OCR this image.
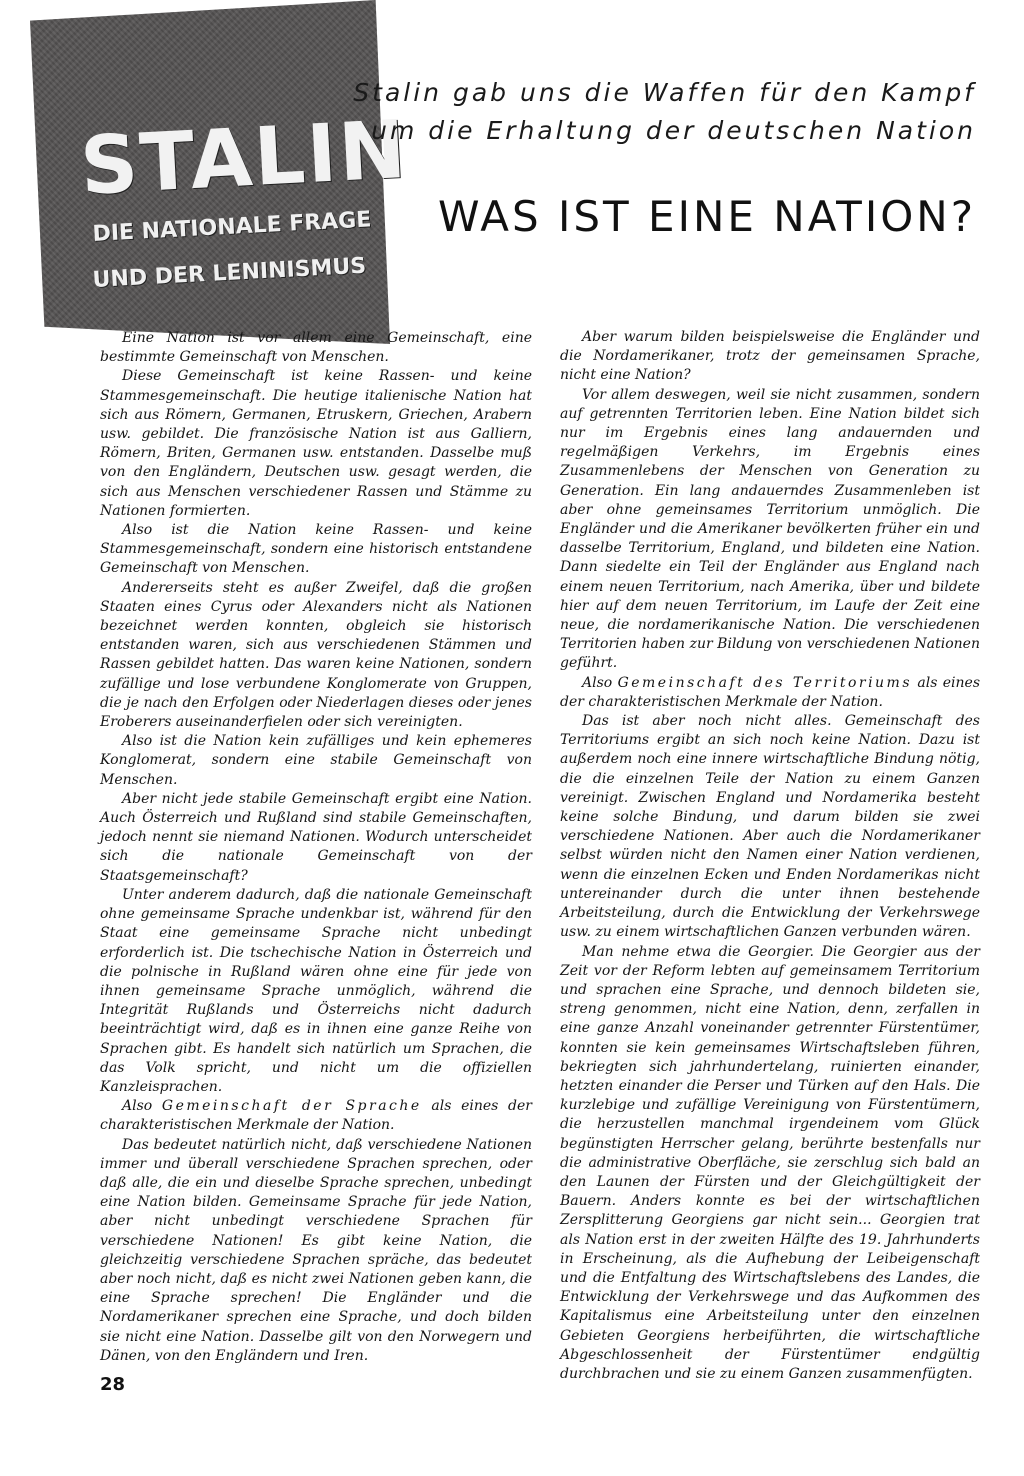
STALIN
DIE NATIONALE FRAGE
UND DER LENINISMUS
Stalin gab uns die Waffen für den Kampf
um die Erhaltung der deutschen Nation
WAS IST EINE NATION?

Eine Nation ist vor allem eine Gemeinschaft, eine bestimmte Gemeinschaft von Menschen.

Diese Gemeinschaft ist keine Rassen- und keine Stammesgemeinschaft. Die heutige italienische Nation hat sich aus Römern, Germanen, Etruskern, Griechen, Arabern usw. gebildet. Die französische Nation ist aus Galliern, Römern, Briten, Germanen usw. entstanden. Dasselbe muß von den Engländern, Deutschen usw. gesagt werden, die sich aus Menschen verschiedener Rassen und Stämme zu Nationen formierten.

Also ist die Nation keine Rassen- und keine Stammesgemeinschaft, sondern eine historisch entstandene Gemeinschaft von Menschen.

Andererseits steht es außer Zweifel, daß die großen Staaten eines Cyrus oder Alexanders nicht als Nationen bezeichnet werden konnten, obgleich sie historisch entstanden waren, sich aus verschiedenen Stämmen und Rassen gebildet hatten. Das waren keine Nationen, sondern zufällige und lose verbundene Konglomerate von Gruppen, die je nach den Erfolgen oder Niederlagen dieses oder jenes Eroberers auseinanderfielen oder sich vereinigten.

Also ist die Nation kein zufälliges und kein ephemeres Konglomerat, sondern eine stabile Gemeinschaft von Menschen.

Aber nicht jede stabile Gemeinschaft ergibt eine Nation. Auch Österreich und Rußland sind stabile Gemeinschaften, jedoch nennt sie niemand Nationen. Wodurch unterscheidet sich die nationale Gemeinschaft von der Staatsgemeinschaft?

Unter anderem dadurch, daß die nationale Gemeinschaft ohne gemeinsame Sprache undenkbar ist, während für den Staat eine gemeinsame Sprache nicht unbedingt erforderlich ist. Die tschechische Nation in Österreich und die polnische in Rußland wären ohne eine für jede von ihnen gemeinsame Sprache unmöglich, während die Integrität Rußlands und Österreichs nicht dadurch beeinträchtigt wird, daß es in ihnen eine ganze Reihe von Sprachen gibt. Es handelt sich natürlich um Sprachen, die das Volk spricht, und nicht um die offiziellen Kanzleisprachen.

Also Gemeinschaft der Sprache als eines der charakteristischen Merkmale der Nation.

Das bedeutet natürlich nicht, daß verschiedene Nationen immer und überall verschiedene Sprachen sprechen, oder daß alle, die ein und dieselbe Sprache sprechen, unbedingt eine Nation bilden. Gemeinsame Sprache für jede Nation, aber nicht unbedingt verschiedene Sprachen für verschiedene Nationen! Es gibt keine Nation, die gleichzeitig verschiedene Sprachen spräche, das bedeutet aber noch nicht, daß es nicht zwei Nationen geben kann, die eine Sprache sprechen! Die Engländer und die Nordamerikaner sprechen eine Sprache, und doch bilden sie nicht eine Nation. Dasselbe gilt von den Norwegern und Dänen, von den Engländern und Iren.

Aber warum bilden beispielsweise die Engländer und die Nordamerikaner, trotz der gemeinsamen Sprache, nicht eine Nation?

Vor allem deswegen, weil sie nicht zusammen, sondern auf getrennten Territorien leben. Eine Nation bildet sich nur im Ergebnis eines lang andauernden und regelmäßigen Verkehrs, im Ergebnis eines Zusammenlebens der Menschen von Generation zu Generation. Ein lang andauerndes Zusammenleben ist aber ohne gemeinsames Territorium unmöglich. Die Engländer und die Amerikaner bevölkerten früher ein und dasselbe Territorium, England, und bildeten eine Nation. Dann siedelte ein Teil der Engländer aus England nach einem neuen Territorium, nach Amerika, über und bildete hier auf dem neuen Territorium, im Laufe der Zeit eine neue, die nordamerikanische Nation. Die verschiedenen Territorien haben zur Bildung von verschiedenen Nationen geführt.

Also Gemeinschaft des Territoriums als eines der charakteristischen Merkmale der Nation.

Das ist aber noch nicht alles. Gemeinschaft des Territoriums ergibt an sich noch keine Nation. Dazu ist außerdem noch eine innere wirtschaftliche Bindung nötig, die die einzelnen Teile der Nation zu einem Ganzen vereinigt. Zwischen England und Nordamerika besteht keine solche Bindung, und darum bilden sie zwei verschiedene Nationen. Aber auch die Nordamerikaner selbst würden nicht den Namen einer Nation verdienen, wenn die einzelnen Ecken und Enden Nordamerikas nicht untereinander durch die unter ihnen bestehende Arbeitsteilung, durch die Entwicklung der Verkehrswege usw. zu einem wirtschaftlichen Ganzen verbunden wären.

Man nehme etwa die Georgier. Die Georgier aus der Zeit vor der Reform lebten auf gemeinsamem Territorium und sprachen eine Sprache, und dennoch bildeten sie, streng genommen, nicht eine Nation, denn, zerfallen in eine ganze Anzahl voneinander getrennter Fürstentümer, konnten sie kein gemeinsames Wirtschaftsleben führen, bekriegten sich jahrhundertelang, ruinierten einander, hetzten einander die Perser und Türken auf den Hals. Die kurzlebige und zufällige Vereinigung von Fürstentümern, die herzustellen manchmal irgendeinem vom Glück begünstigten Herrscher gelang, berührte bestenfalls nur die administrative Oberfläche, sie zerschlug sich bald an den Launen der Fürsten und der Gleichgültigkeit der Bauern. Anders konnte es bei der wirtschaftlichen Zersplitterung Georgiens gar nicht sein... Georgien trat als Nation erst in der zweiten Hälfte des 19. Jahrhunderts in Erscheinung, als die Aufhebung der Leibeigenschaft und die Entfaltung des Wirtschaftslebens des Landes, die Entwicklung der Verkehrswege und das Aufkommen des Kapitalismus eine Arbeitsteilung unter den einzelnen Gebieten Georgiens herbeiführten, die wirtschaftliche Abgeschlossenheit der Fürstentümer endgültig durchbrachen und sie zu einem Ganzen zusammenfügten.

28
